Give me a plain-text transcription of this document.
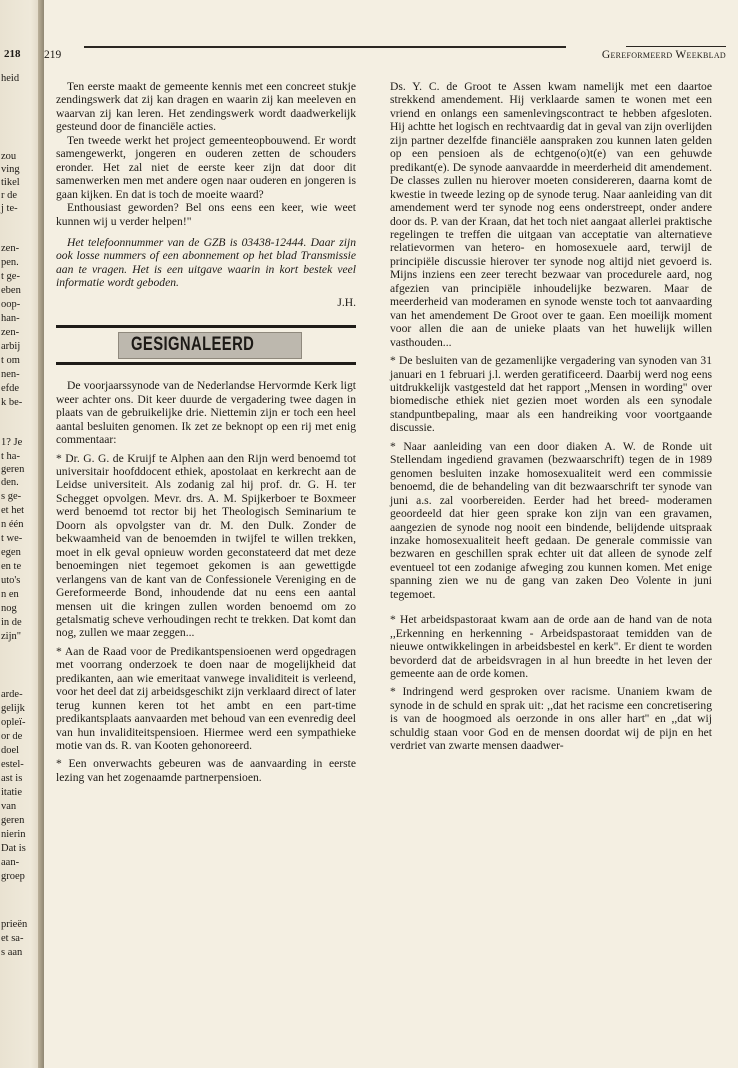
218
heid
zou
ving
tikel
r de
j te-
zen-
pen.
t ge-
eben
oop-
han-
zen-
arbij
t om
nen-
efde
k be-
1? Je
t ha-
geren
den.
s ge-
et het
n één
t we-
egen
en te
uto's
n en
nog
in de
zijn"
arde-
gelijk
opleï-
or de
doel
estel-
ast is
itatie
van
geren
nierin
Dat is
aan-
groep
prieën
et sa-
s aan
219	Gereformeerd Weekblad

Ten eerste maakt de gemeente kennis met een concreet stukje zendingswerk dat zij kan dragen en waarin zij kan meeleven en waarvan zij kan leren. Het zendingswerk wordt daadwerkelijk gesteund door de financiële acties.

Ten tweede werkt het project gemeenteopbouwend. Er wordt samengewerkt, jongeren en ouderen zetten de schouders eronder. Het zal niet de eerste keer zijn dat door dit samenwerken men met andere ogen naar ouderen en jongeren is gaan kijken. En dat is toch de moeite waard?

Enthousiast geworden? Bel ons eens een keer, wie weet kunnen wij u verder helpen!"

Het telefoonnummer van de GZB is 03438-12444. Daar zijn ook losse nummers of een abonnement op het blad Transmissie aan te vragen. Het is een uitgave waarin in kort bestek veel informatie wordt geboden.

J.H.

GESIGNALEERD

De voorjaarssynode van de Nederlandse Hervormde Kerk ligt weer achter ons. Dit keer duurde de vergadering twee dagen in plaats van de gebruikelijke drie. Niettemin zijn er toch een heel aantal besluiten genomen. Ik zet ze beknopt op een rij met enig commentaar:

* Dr. G. G. de Kruijf te Alphen aan den Rijn werd benoemd tot universitair hoofddocent ethiek, apostolaat en kerkrecht aan de Leidse universiteit. Als zodanig zal hij prof. dr. G. H. ter Schegget opvolgen. Mevr. drs. A. M. Spijkerboer te Boxmeer werd benoemd tot rector bij het Theologisch Seminarium te Doorn als opvolgster van dr. M. den Dulk. Zonder de bekwaamheid van de benoemden in twijfel te willen trekken, moet in elk geval opnieuw worden geconstateerd dat met deze benoemingen niet tegemoet gekomen is aan gewettigde verlangens van de kant van de Confessionele Vereniging en de Gereformeerde Bond, inhoudende dat nu eens een aantal mensen uit die kringen zullen worden benoemd om zo getalsmatig scheve verhoudingen recht te trekken. Dat komt dan nog, zullen we maar zeggen...

* Aan de Raad voor de Predikantspensioenen werd opgedragen met voorrang onderzoek te doen naar de mogelijkheid dat predikanten, aan wie emeritaat vanwege invaliditeit is verleend, voor het deel dat zij arbeidsgeschikt zijn verklaard direct of later terug kunnen keren tot het ambt en een part-time predikantsplaats aanvaarden met behoud van een evenredig deel van hun invaliditeitspensioen. Hiermee werd een sympathieke motie van ds. R. van Kooten gehonoreerd.

* Een onverwachts gebeuren was de aanvaarding in eerste lezing van het zogenaamde partnerpensioen.

Ds. Y. C. de Groot te Assen kwam namelijk met een daartoe strekkend amendement. Hij verklaarde samen te wonen met een vriend en onlangs een samenlevingscontract te hebben afgesloten. Hij achtte het logisch en rechtvaardig dat in geval van zijn overlijden zijn partner dezelfde financiële aanspraken zou kunnen laten gelden op een pensioen als de echtgeno(o)t(e) van een gehuwde predikant(e). De synode aanvaardde in meerderheid dit amendement. De classes zullen nu hierover moeten considereren, daarna komt de kwestie in tweede lezing op de synode terug. Naar aanleiding van dit amendement werd ter synode nog eens onderstreept, onder andere door ds. P. van der Kraan, dat het toch niet aangaat allerlei praktische regelingen te treffen die uitgaan van acceptatie van alternatieve relatievormen van hetero- en homosexuele aard, terwijl de principiële discussie hierover ter synode nog altijd niet gevoerd is. Mijns inziens een zeer terecht bezwaar van procedurele aard, nog afgezien van principiële inhoudelijke bezwaren. Maar de meerderheid van moderamen en synode wenste toch tot aanvaarding van het amendement De Groot over te gaan. Een moeilijk moment voor allen die aan de unieke plaats van het huwelijk willen vasthouden...

* De besluiten van de gezamenlijke vergadering van synoden van 31 januari en 1 februari j.l. werden geratificeerd. Daarbij werd nog eens uitdrukkelijk vastgesteld dat het rapport ,,Mensen in wording'' over biomedische ethiek niet gezien moet worden als een synodale standpuntbepaling, maar als een handreiking voor voortgaande discussie.

* Naar aanleiding van een door diaken A. W. de Ronde uit Stellendam ingediend gravamen (bezwaarschrift) tegen de in 1989 genomen besluiten inzake homosexualiteit werd een commissie benoemd, die de behandeling van dit bezwaarschrift ter synode van juni a.s. zal voorbereiden. Eerder had het breed- moderamen geoordeeld dat hier geen sprake kon zijn van een gravamen, aangezien de synode nog nooit een bindende, belijdende uitspraak inzake homosexualiteit heeft gedaan. De generale commissie van bezwaren en geschillen sprak echter uit dat alleen de synode zelf eventueel tot een zodanige afweging zou kunnen komen. Met enige spanning zien we nu de gang van zaken Deo Volente in juni tegemoet.

* Het arbeidspastoraat kwam aan de orde aan de hand van de nota ,,Erkenning en herkenning - Arbeidspastoraat temidden van de nieuwe ontwikkelingen in arbeidsbestel en kerk''. Er dient te worden bevorderd dat de arbeidsvragen in al hun breedte in het leven der gemeente aan de orde komen.

* Indringend werd gesproken over racisme. Unaniem kwam de synode in de schuld en sprak uit: ,,dat het racisme een concretisering is van de hoogmoed als oerzonde in ons aller hart'' en ,,dat wij schuldig staan voor God en de mensen doordat wij de pijn en het verdriet van zwarte mensen daadwer-
